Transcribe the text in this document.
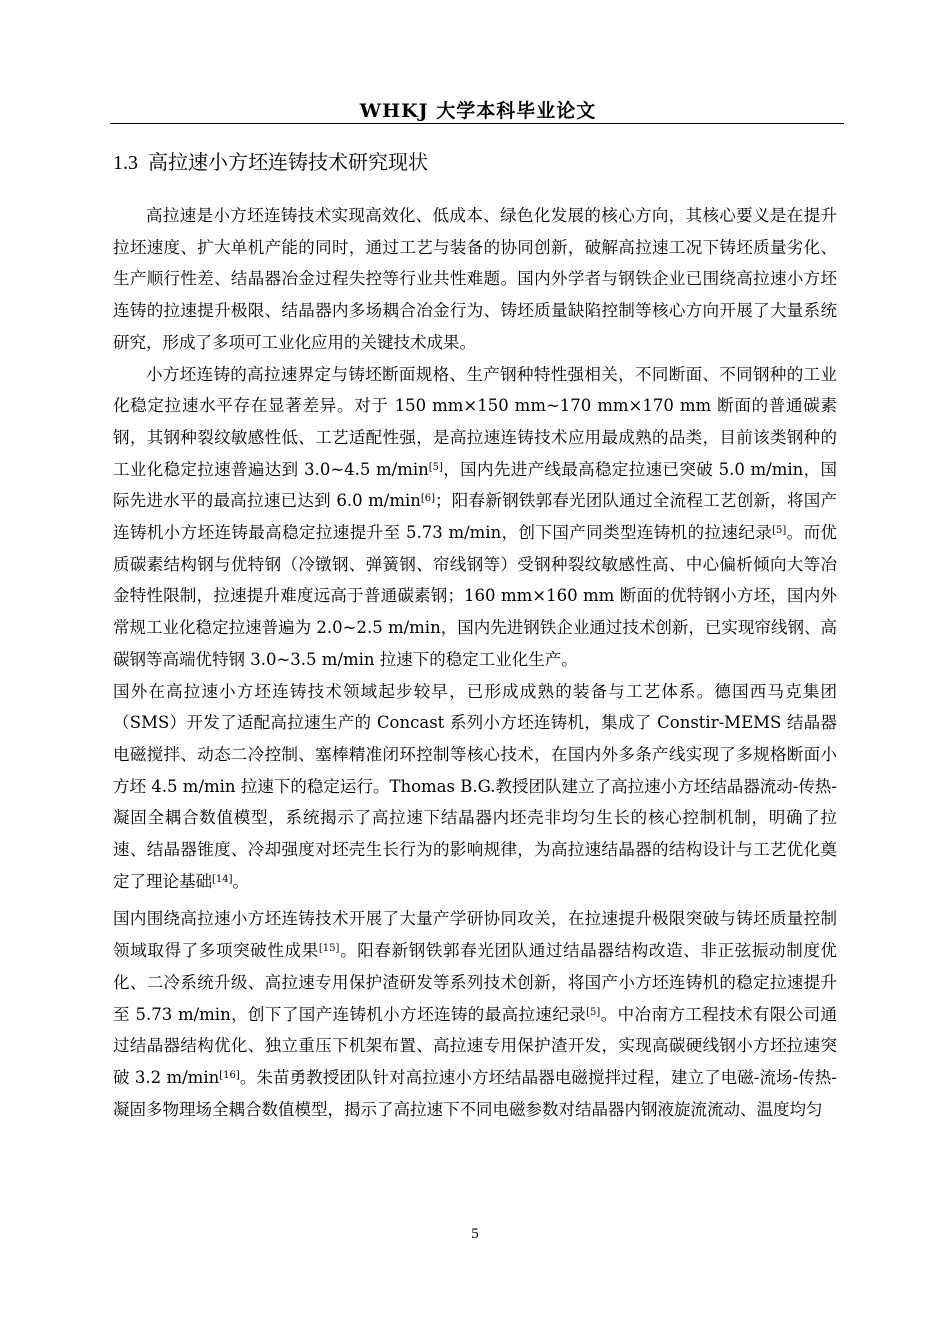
WHKJ 大学本科毕业论文
1.3 高拉速小方坯连铸技术研究现状

高拉速是小方坯连铸技术实现高效化、低成本、绿色化发展的核心方向，其核心要义是在提升拉坯速度、扩大单机产能的同时，通过工艺与装备的协同创新，破解高拉速工况下铸坯质量劣化、生产顺行性差、结晶器冶金过程失控等行业共性难题。国内外学者与钢铁企业已围绕高拉速小方坯连铸的拉速提升极限、结晶器内多场耦合冶金行为、铸坯质量缺陷控制等核心方向开展了大量系统研究，形成了多项可工业化应用的关键技术成果。

小方坯连铸的高拉速界定与铸坯断面规格、生产钢种特性强相关，不同断面、不同钢种的工业化稳定拉速水平存在显著差异。对于 150 mm×150 mm~170 mm×170 mm 断面的普通碳素钢，其钢种裂纹敏感性低、工艺适配性强，是高拉速连铸技术应用最成熟的品类，目前该类钢种的工业化稳定拉速普遍达到 3.0~4.5 m/min[5]，国内先进产线最高稳定拉速已突破 5.0 m/min，国际先进水平的最高拉速已达到 6.0 m/min[6]；阳春新钢铁郭春光团队通过全流程工艺创新，将国产连铸机小方坯连铸最高稳定拉速提升至 5.73 m/min，创下国产同类型连铸机的拉速纪录[5]。而优质碳素结构钢与优特钢（冷镦钢、弹簧钢、帘线钢等）受钢种裂纹敏感性高、中心偏析倾向大等冶金特性限制，拉速提升难度远高于普通碳素钢；160 mm×160 mm 断面的优特钢小方坯，国内外常规工业化稳定拉速普遍为 2.0~2.5 m/min，国内先进钢铁企业通过技术创新，已实现帘线钢、高碳钢等高端优特钢 3.0~3.5 m/min 拉速下的稳定工业化生产。

国外在高拉速小方坯连铸技术领域起步较早，已形成成熟的装备与工艺体系。德国西马克集团（SMS）开发了适配高拉速生产的 Concast 系列小方坯连铸机，集成了 Constir-MEMS 结晶器电磁搅拌、动态二冷控制、塞棒精准闭环控制等核心技术，在国内外多条产线实现了多规格断面小方坯 4.5 m/min 拉速下的稳定运行。Thomas B.G.教授团队建立了高拉速小方坯结晶器流动-传热-凝固全耦合数值模型，系统揭示了高拉速下结晶器内坯壳非均匀生长的核心控制机制，明确了拉速、结晶器锥度、冷却强度对坯壳生长行为的影响规律，为高拉速结晶器的结构设计与工艺优化奠定了理论基础[14]。

国内围绕高拉速小方坯连铸技术开展了大量产学研协同攻关，在拉速提升极限突破与铸坯质量控制领域取得了多项突破性成果[15]。阳春新钢铁郭春光团队通过结晶器结构改造、非正弦振动制度优化、二冷系统升级、高拉速专用保护渣研发等系列技术创新，将国产小方坯连铸机的稳定拉速提升至 5.73 m/min，创下了国产连铸机小方坯连铸的最高拉速纪录[5]。中冶南方工程技术有限公司通过结晶器结构优化、独立重压下机架布置、高拉速专用保护渣开发，实现高碳硬线钢小方坯拉速突破 3.2 m/min[16]。朱苗勇教授团队针对高拉速小方坯结晶器电磁搅拌过程，建立了电磁-流场-传热-凝固多物理场全耦合数值模型，揭示了高拉速下不同电磁参数对结晶器内钢液旋流流动、温度均匀

5
